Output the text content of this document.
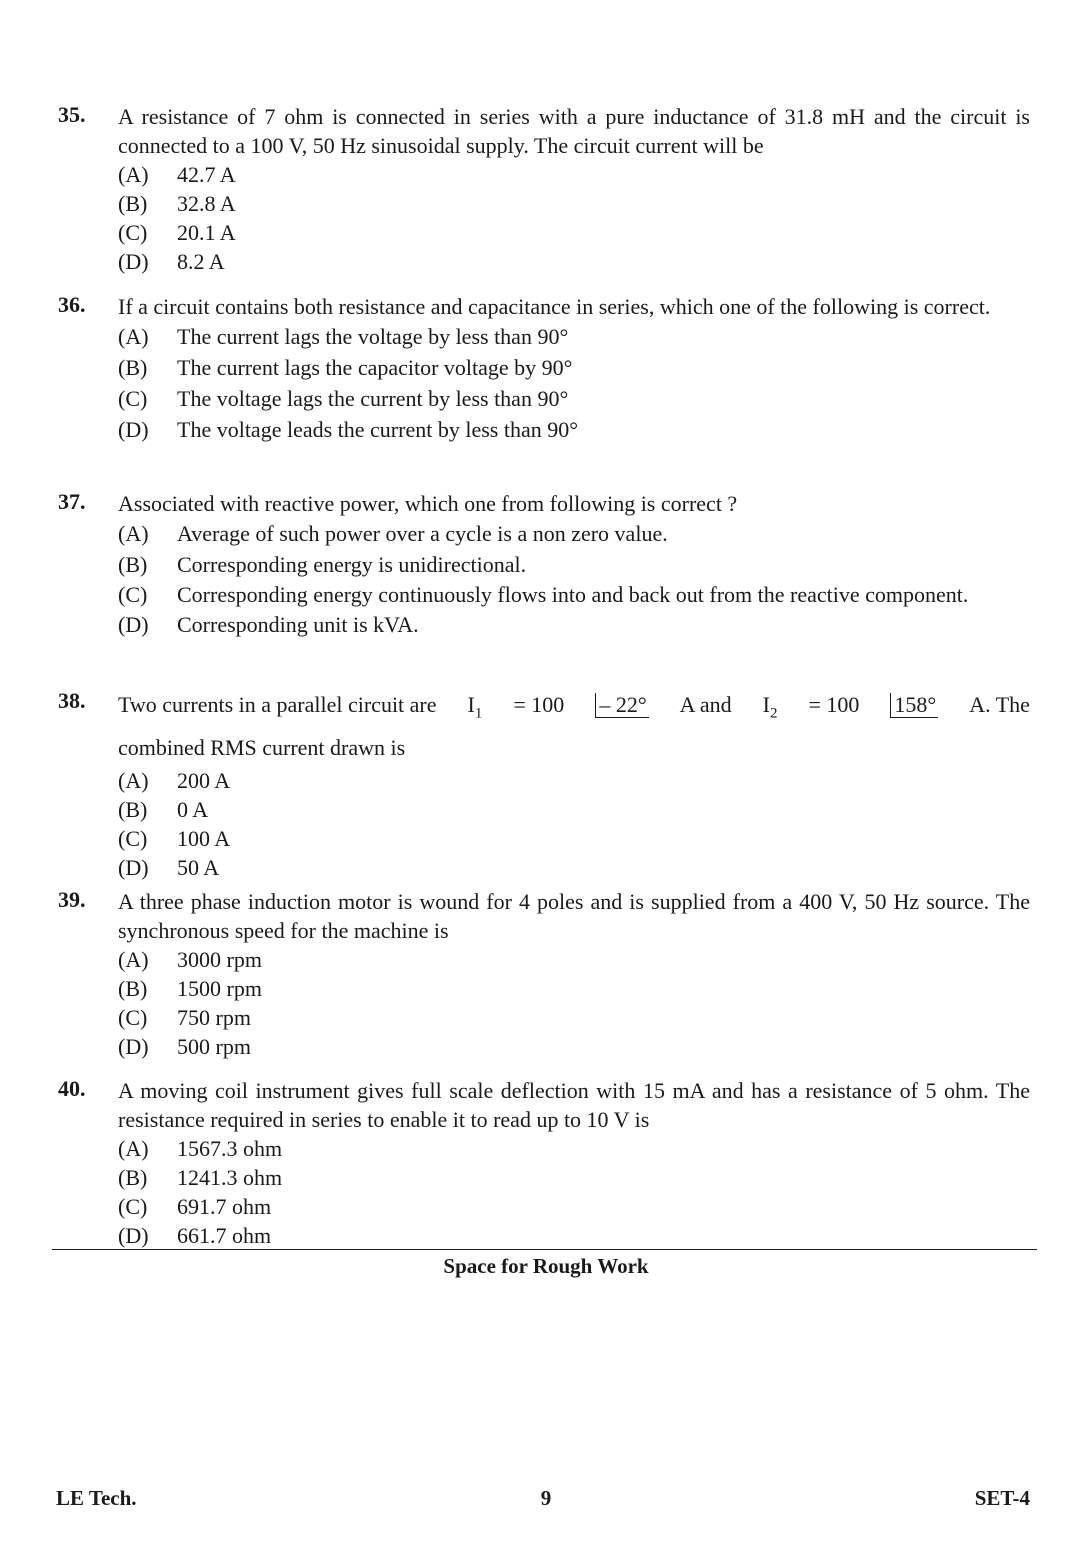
35.	A resistance of 7 ohm is connected in series with a pure inductance of 31.8 mH and the circuit is connected to a 100 V, 50 Hz sinusoidal supply. The circuit current will be
(A)	42.7 A
(B)	32.8 A
(C)	20.1 A
(D)	8.2 A
36.	If a circuit contains both resistance and capacitance in series, which one of the following is correct.
(A)	The current lags the voltage by less than 90°
(B)	The current lags the capacitor voltage by 90°
(C)	The voltage lags the current by less than 90°
(D)	The voltage leads the current by less than 90°
37.	Associated with reactive power, which one from following is correct ?
(A)	Average of such power over a cycle is a non zero value.
(B)	Corresponding energy is unidirectional.
(C)	Corresponding energy continuously flows into and back out from the reactive component.
(D)	Corresponding unit is kVA.
38.	Two currents in a parallel circuit are $I_1 = 100 - 22^\circ$ A and $I_2 = 100$ 158° A. The
combined RMS current drawn is
(A)	200 A
(B)	0 A
(C)	100 A
(D)	50 A
39.	A three phase induction motor is wound for 4 poles and is supplied from a 400 V, 50 Hz source. The synchronous speed for the machine is
(A)	3000 rpm
(B)	1500 rpm
(C)	750 rpm
(D)	500 rpm
40.	A moving coil instrument gives full scale deflection with 15 mA and has a resistance of 5 ohm. The resistance required in series to enable it to read up to 10 V is
(A)	1567.3 ohm
(B)	1241.3 ohm
(C)	691.7 ohm
(D)	661.7 ohm
Space for Rough Work
LE Tech.	9	SET-4
